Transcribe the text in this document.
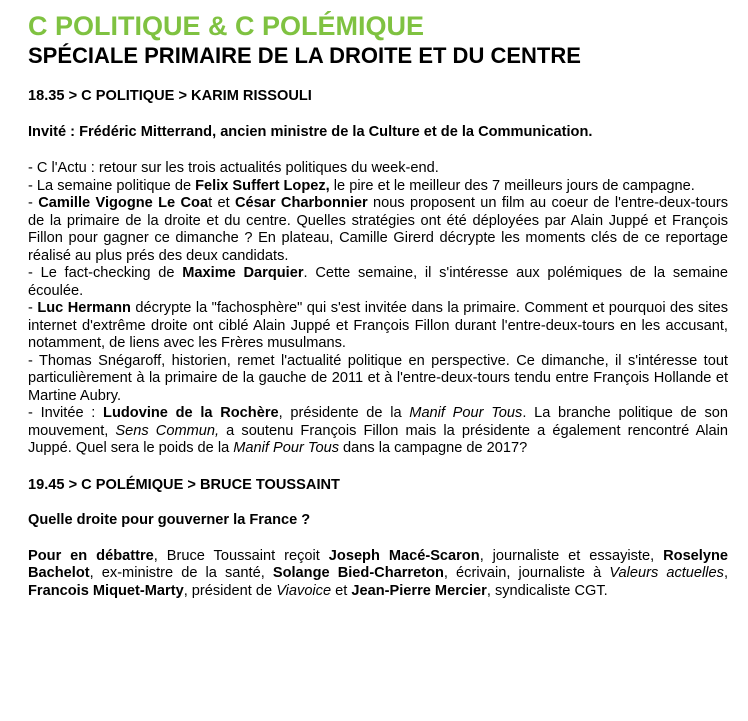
C POLITIQUE & C POLÉMIQUE
SPÉCIALE PRIMAIRE DE LA DROITE ET DU CENTRE

18.35 > C POLITIQUE > KARIM RISSOULI

Invité : Frédéric Mitterrand, ancien ministre de la Culture et de la Communication.

- C l'Actu : retour sur les trois actualités politiques du week-end.

- La semaine politique de Felix Suffert Lopez, le pire et le meilleur des 7 meilleurs jours de campagne.

- Camille Vigogne Le Coat et César Charbonnier nous proposent un film au coeur de l'entre-deux-tours de la primaire de la droite et du centre. Quelles stratégies ont été déployées par Alain Juppé et François Fillon pour gagner ce dimanche ? En plateau, Camille Girerd décrypte les moments clés de ce reportage réalisé au plus prés des deux candidats.

- Le fact-checking de Maxime Darquier. Cette semaine, il s'intéresse aux polémiques de la semaine écoulée.

- Luc Hermann décrypte la "fachosphère" qui s'est invitée dans la primaire. Comment et pourquoi des sites internet d'extrême droite ont ciblé Alain Juppé et François Fillon durant l'entre-deux-tours en les accusant, notamment, de liens avec les Frères musulmans.

- Thomas Snégaroff, historien, remet l'actualité politique en perspective. Ce dimanche, il s'intéresse tout particulièrement à la primaire de la gauche de 2011 et à l'entre-deux-tours tendu entre François Hollande et Martine Aubry.

- Invitée : Ludovine de la Rochère, présidente de la Manif Pour Tous. La branche politique de son mouvement, Sens Commun, a soutenu François Fillon mais la présidente a également rencontré Alain Juppé. Quel sera le poids de la Manif Pour Tous dans la campagne de 2017?

19.45 > C POLÉMIQUE > BRUCE TOUSSAINT

Quelle droite pour gouverner la France ?

Pour en débattre, Bruce Toussaint reçoit Joseph Macé-Scaron, journaliste et essayiste, Roselyne Bachelot, ex-ministre de la santé, Solange Bied-Charreton, écrivain, journaliste à Valeurs actuelles, Francois Miquet-Marty, président de Viavoice et Jean-Pierre Mercier, syndicaliste CGT.
